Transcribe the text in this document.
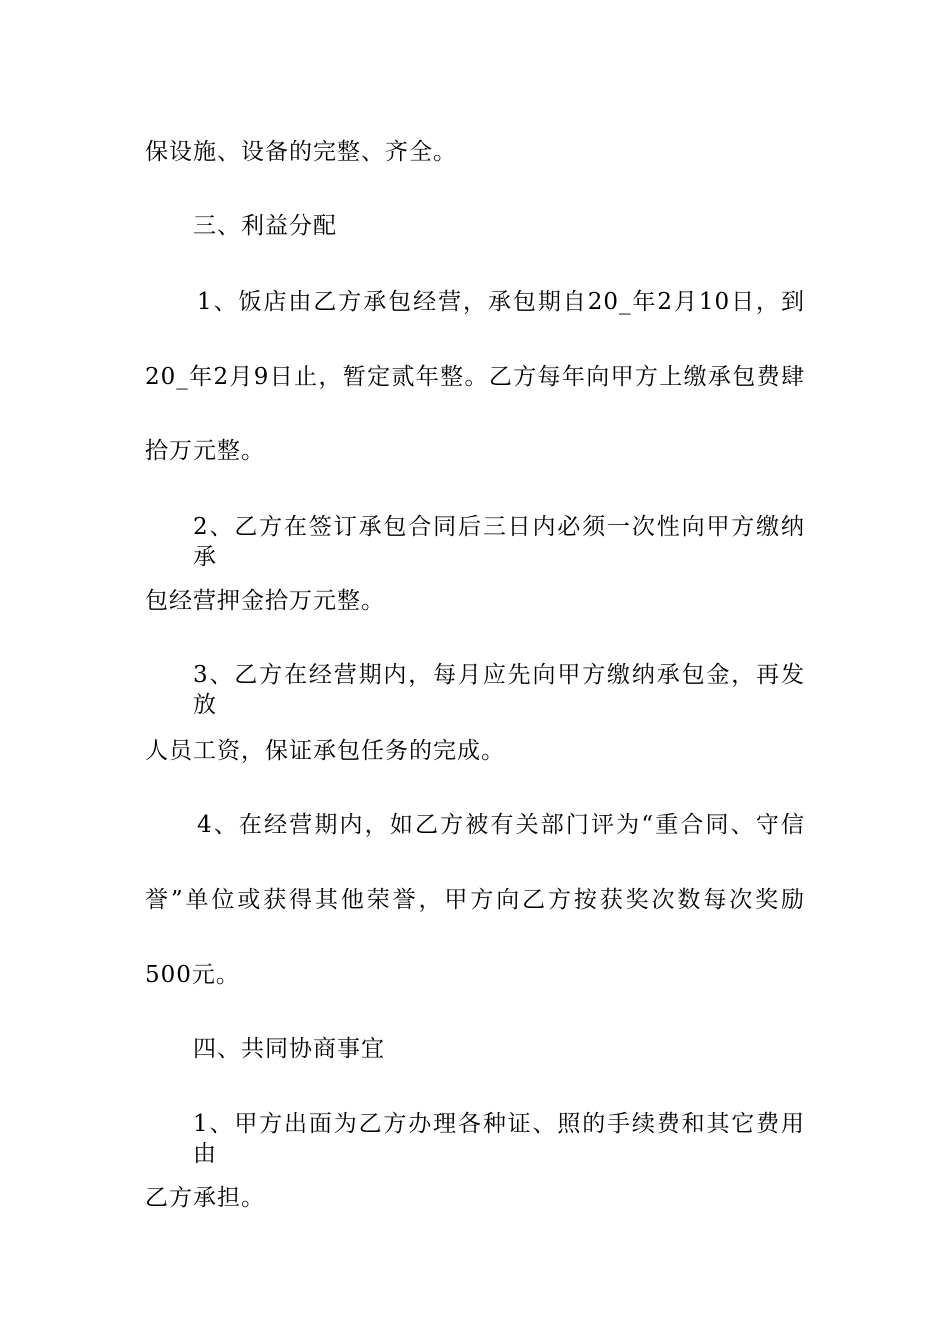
保设施、设备的完整、齐全。
三、利益分配
1、饭店由乙方承包经营，承包期自20_年2月10日，到
20_年2月9日止，暂定贰年整。乙方每年向甲方上缴承包费肆
拾万元整。
2、乙方在签订承包合同后三日内必须一次性向甲方缴纳承
包经营押金拾万元整。
3、乙方在经营期内，每月应先向甲方缴纳承包金，再发放
人员工资，保证承包任务的完成。
4、在经营期内，如乙方被有关部门评为“重合同、守信
誉”单位或获得其他荣誉，甲方向乙方按获奖次数每次奖励
500元。
四、共同协商事宜
1、甲方出面为乙方办理各种证、照的手续费和其它费用由
乙方承担。
